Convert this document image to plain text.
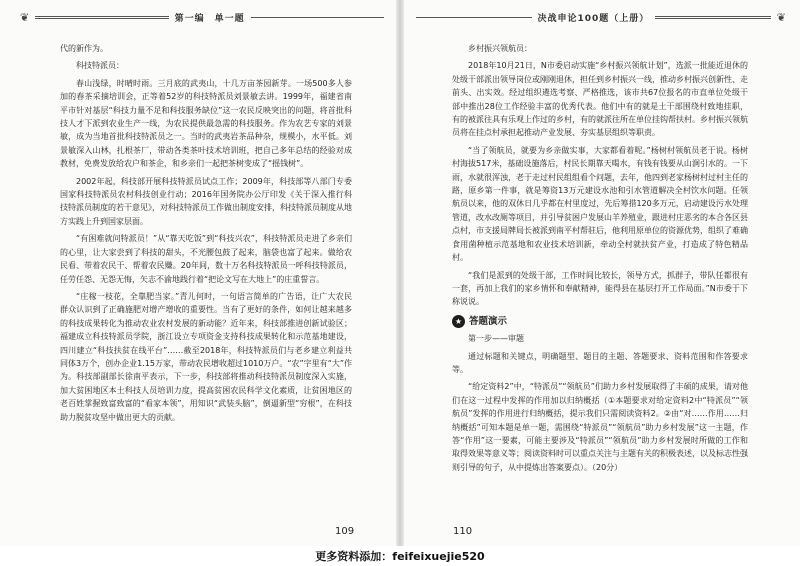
❦	第一编　单一题	决战申论100题（上册）	❦

代的新作为。

科技特派员：

春山浅绿，时晴时雨。三月底的武夷山，十几万亩茶园新芽。一场500多人参加的春茶采摘培训会，正等着52岁的科技特派员刘景敏去讲。1999年，福建省南平市针对基层“科技力量不足和科技服务缺位”这一农民反映突出的问题，将首批科技人才下派到农业生产一线，为农民提供最急需的科技服务。作为农艺专家的刘景敏，成为当地首批科技特派员之一。当时的武夷岩茶品种杂，规模小，水平低。刘景敏深入山林，扎根茶厂，带动各类茶叶技术培训班，把自己多年总结的经验对成教材，免费发放给农户和茶企，和乡亲们一起把茶树变成了“摇钱树”。

2002年起，科技部开展科技特派员试点工作；2009年，科技部等八部门专委国家科技特派员农村科技创业行动；2016年国务院办公厅印发《关于深入推行科技特派员制度的若干意见》，对科技特派员工作做出制度安排，科技特派员制度从地方实践上升到国家层面。

“有困难就问特派员！”从“靠天吃饭”到“科技兴农”，科技特派员走进了乡亲们的心里，让大家尝到了科技的甜头，不光腰包鼓了起来，脑袋也富了起来。做给农民看、带着农民干、帮着农民赚。20年间，数十万名科技特派员一呼科技特派员，任劳任怨、无怨无悔，矢志不渝地践行着“把论文写在大地上”的庄重誓言。

“庄稼一枝花，全靠肥当家。”青儿何时，一句语言简单的广告语，让广大农民群众认识到了正确施肥对增产增收的重要性。当有了更好的条件，如何让越来越多的科技成果转化为推动农业农村发展的新动能？近年来，科技部推进创新试验区；福建成立科技特派员学院，浙江设立专项资金支持科技成果转化和示范基地建设，四川建立“科技扶贫在线平台”……截至2018年，科技特派员们与老乡建立利益共同体3万个，创办企业1.15万家，带动农民增收超过1010万户。“农”字里有“大”作为。科技部副部长徐南平表示，下一步，科技部将推动科技特派员制度深入实施，加大贫困地区本土科技人员培训力度，提高贫困农民科学文化素质，让贫困地区的老百姓掌握致富致富的“看家本领”，用知识“武装头脑”，倒逼新型“穷根”，在科技助力脱贫攻坚中做出更大的贡献。

乡村振兴领航员：

2018年10月21日，N市委启动实施“乡村振兴领航计划”，选派一批能近退休的处级干部派出领导岗位或刚刚退休，担任到乡村振兴一线，推动乡村振兴创新性、走前头、出实效。经过组织遴选考察、严格推选，该市共67位报名的市直单位处级干部中推出28位工作经验丰富的优秀代表。他们中有的就是土干部围绕村致地挂职，有的被派往具有乐观上作过的乡村，有的就派往所在单位挂钩帮扶村。乡村振兴领航员将在挂点村承担起推动产业发展、夯实基层组织等职责。

“当了领航员，就要为乡亲做实事，大家都看着呢。”杨树村领航员老于说。杨树村海拔517米，基础设施落后，村民长期靠天喝水，有钱有钱要从山涧引水的。一下雨，水就很浑浊，老于走过村民组组看个问题，去年，他四到老家杨树村过村主任的路，原乡第一件事，就是筹资13万元建设水池和引水管道解决全村饮水问题。任领航员以来，他的双休日几乎都在村里度过，先后筹措120多万元，启动建设污水处理管道，改水改厕等项目，并引导贫困户发展山羊养殖业，跟进村庄恶劣的本合各区县点村，市支援局牌局长被派到南平村帮驻后，他利用原单位的资源优势，组织了难确食用菌种植示范基地和农业技术培训新，牵动全村就扶贫产业，打造成了特色精品村。

“我们是派到的处级干部，工作时间比较长，领导方式，抓群子，带队任都很有一套，再加上我们的家乡情怀和奉献精神，能得县在基层打开工作局面。”N市委于下称说说。

★ 答题演示

第一步——审题

通过标题和关键点，明确题型、题目的主题、答题要求、资料范围和作答要求等。

“给定资料2”中，“特派员”“领航员”们助力乡村发展取得了丰硕的成果，请对他们在这一过程中发挥的作用加以归纳概括（①本题要求对给定资料2中“特派员”“领航员”发挥的作用进行归纳概括，提示我们只需阅读资料2。②由“对……作用……归纳概括”可知本题是单一题，需围绕“特派员”“领航员”助力乡村发展”这一主题，作答“作用”这一要素，可能主要涉及“特派员”“领航员”助力乡村发展时所做的工作和取得效果等意义等；阅读资料时可以重点关注与主题有关的积极表述，以及标志性强则引导的句子，从中提炼出答案要点）。（20分）

109	110
更多资料添加：feifeixuejie520
